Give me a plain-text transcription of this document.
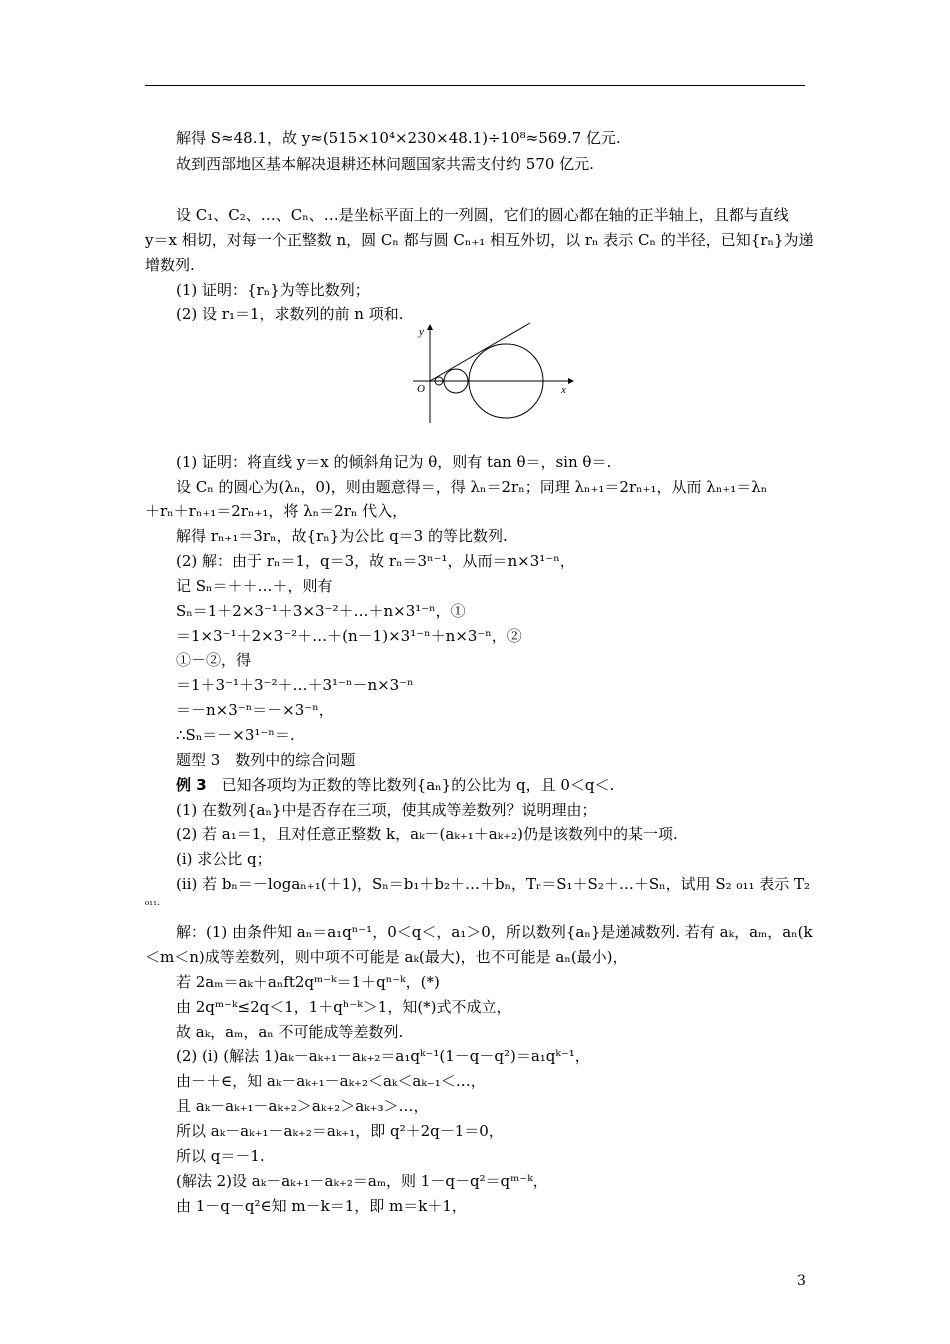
解得 S≈48.1，故 y≈(515×10⁴×230×48.1)÷10⁸≈569.7 亿元.
故到西部地区基本解决退耕还林问题国家共需支付约 570 亿元.
设 C₁、C₂、…、Cₙ、…是坐标平面上的一列圆，它们的圆心都在轴的正半轴上，且都与直线
y＝x 相切，对每一个正整数 n，圆 Cₙ 都与圆 Cₙ₊₁ 相互外切，以 rₙ 表示 Cₙ 的半径，已知{rₙ}为递
增数列.
(1) 证明：{rₙ}为等比数列；
(2) 设 r₁＝1，求数列的前 n 项和.
y
x
O
(1) 证明：将直线 y＝x 的倾斜角记为 θ，则有 tan θ＝，sin θ＝.
设 Cₙ 的圆心为(λₙ，0)，则由题意得＝，得 λₙ＝2rₙ；同理 λₙ₊₁＝2rₙ₊₁，从而 λₙ₊₁＝λₙ
＋rₙ＋rₙ₊₁＝2rₙ₊₁，将 λₙ＝2rₙ 代入，
解得 rₙ₊₁＝3rₙ，故{rₙ}为公比 q＝3 的等比数列.
(2) 解：由于 rₙ＝1，q＝3，故 rₙ＝3ⁿ⁻¹，从而＝n×3¹⁻ⁿ，
记 Sₙ＝＋＋…＋，则有
Sₙ＝1＋2×3⁻¹＋3×3⁻²＋…＋n×3¹⁻ⁿ，①
＝1×3⁻¹＋2×3⁻²＋…＋(n－1)×3¹⁻ⁿ＋n×3⁻ⁿ，②
①－②，得
＝1＋3⁻¹＋3⁻²＋…＋3¹⁻ⁿ－n×3⁻ⁿ
＝－n×3⁻ⁿ＝－×3⁻ⁿ，
∴Sₙ＝－×3¹⁻ⁿ＝.
题型 3　数列中的综合问题
例 3　已知各项均为正数的等比数列{aₙ}的公比为 q，且 0＜q＜.
(1) 在数列{aₙ}中是否存在三项，使其成等差数列？说明理由；
(2) 若 a₁＝1，且对任意正整数 k，aₖ－(aₖ₊₁＋aₖ₊₂)仍是该数列中的某一项.
(ⅰ) 求公比 q；
(ⅱ) 若 bₙ＝－logaₙ₊₁(＋1)，Sₙ＝b₁＋b₂＋…＋bₙ，Tᵣ＝S₁＋S₂＋…＋Sₙ，试用 S₂ ₀₁₁ 表示 T₂
₀₁₁.
解：(1) 由条件知 aₙ＝a₁qⁿ⁻¹，0＜q＜，a₁＞0，所以数列{aₙ}是递减数列. 若有 aₖ，aₘ，aₙ(k
＜m＜n)成等差数列，则中项不可能是 aₖ(最大)，也不可能是 aₙ(最小)，
若 2aₘ＝aₖ＋aₙft2qᵐ⁻ᵏ＝1＋qⁿ⁻ᵏ，(*)
由 2qᵐ⁻ᵏ≤2q＜1，1＋qʰ⁻ᵏ＞1，知(*)式不成立，
故 aₖ，aₘ，aₙ 不可能成等差数列.
(2) (ⅰ) (解法 1)aₖ－aₖ₊₁－aₖ₊₂＝a₁qᵏ⁻¹(1－q－q²)＝a₁qᵏ⁻¹，
由－＋∈，知 aₖ－aₖ₊₁－aₖ₊₂＜aₖ＜aₖ₋₁＜…，
且 aₖ－aₖ₊₁－aₖ₊₂＞aₖ₊₂＞aₖ₊₃＞…，
所以 aₖ－aₖ₊₁－aₖ₊₂＝aₖ₊₁，即 q²＋2q－1＝0，
所以 q＝－1.
(解法 2)设 aₖ－aₖ₊₁－aₖ₊₂＝aₘ，则 1－q－q²＝qᵐ⁻ᵏ，
由 1－q－q²∈知 m－k＝1，即 m＝k＋1，
3
